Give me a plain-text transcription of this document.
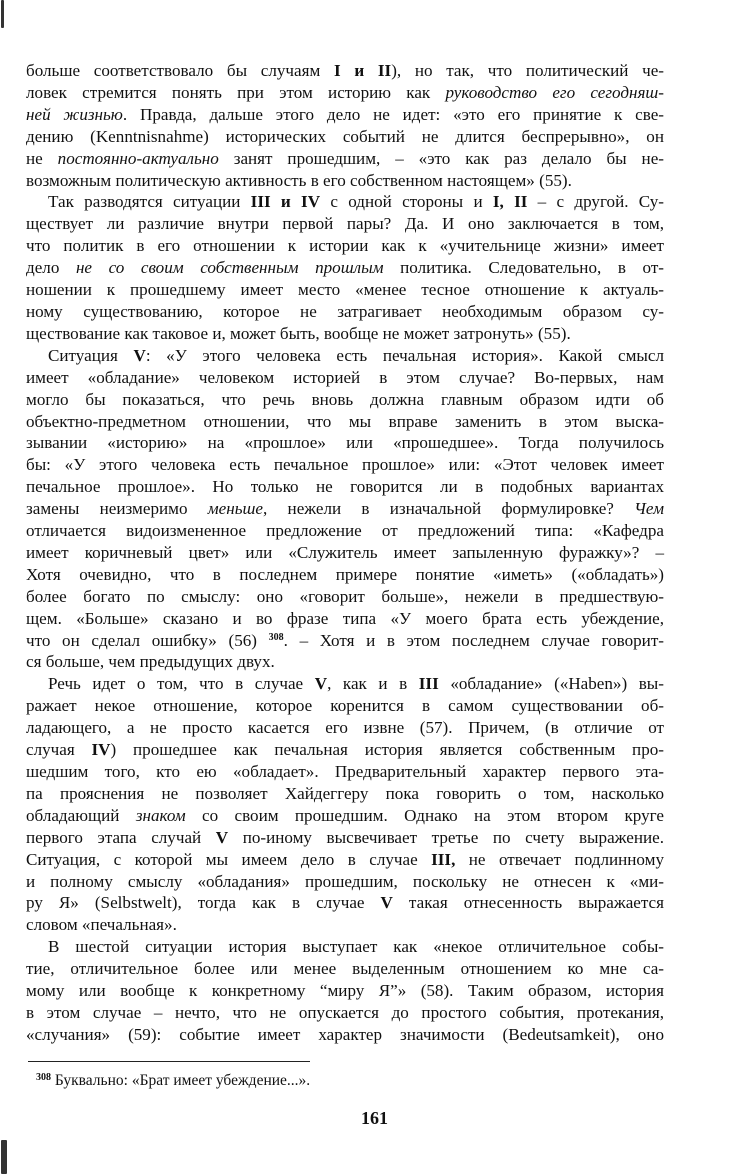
больше соответствовало бы случаям I и II), но так, что политический че-
ловек стремится понять при этом историю как руководство его сегодняш-
ней жизнью. Правда, дальше этого дело не идет: «это его принятие к све-
дению (Kenntnisnahme) исторических событий не длится беспрерывно», он
не постоянно-актуально занят прошедшим, – «это как раз делало бы не-
возможным политическую активность в его собственном настоящем» (55).
Так разводятся ситуации III и IV с одной стороны и I, II – с другой. Су-
ществует ли различие внутри первой пары? Да. И оно заключается в том,
что политик в его отношении к истории как к «учительнице жизни» имеет
дело не со своим собственным прошлым политика. Следовательно, в от-
ношении к прошедшему имеет место «менее тесное отношение к актуаль-
ному существованию, которое не затрагивает необходимым образом су-
ществование как таковое и, может быть, вообще не может затронуть» (55).
Ситуация V: «У этого человека есть печальная история». Какой смысл
имеет «обладание» человеком историей в этом случае? Во-первых, нам
могло бы показаться, что речь вновь должна главным образом идти об
объектно-предметном отношении, что мы вправе заменить в этом выска-
зывании «историю» на «прошлое» или «прошедшее». Тогда получилось
бы: «У этого человека есть печальное прошлое» или: «Этот человек имеет
печальное прошлое». Но только не говорится ли в подобных вариантах
замены неизмеримо меньше, нежели в изначальной формулировке? Чем
отличается видоизмененное предложение от предложений типа: «Кафедра
имеет коричневый цвет» или «Служитель имеет запыленную фуражку»? –
Хотя очевидно, что в последнем примере понятие «иметь» («обладать»)
более богато по смыслу: оно «говорит больше», нежели в предшествую-
щем. «Больше» сказано и во фразе типа «У моего брата есть убеждение,
что он сделал ошибку» (56) $^{308}$. – Хотя и в этом последнем случае говорит-
ся больше, чем предыдущих двух.
Речь идет о том, что в случае V, как и в III «обладание» («Haben») вы-
ражает некое отношение, которое коренится в самом существовании об-
ладающего, а не просто касается его извне (57). Причем, (в отличие от
случая IV) прошедшее как печальная история является собственным про-
шедшим того, кто ею «обладает». Предварительный характер первого эта-
па прояснения не позволяет Хайдеггеру пока говорить о том, насколько
обладающий знаком со своим прошедшим. Однако на этом втором круге
первого этапа случай V по-иному высвечивает третье по счету выражение.
Ситуация, с которой мы имеем дело в случае III, не отвечает подлинному
и полному смыслу «обладания» прошедшим, поскольку не отнесен к «ми-
ру Я» (Selbstwelt), тогда как в случае V такая отнесенность выражается
словом «печальная».
В шестой ситуации история выступает как «некое отличительное собы-
тие, отличительное более или менее выделенным отношением ко мне са-
мому или вообще к конкретному “миру Я”» (58). Таким образом, история
в этом случае – нечто, что не опускается до простого события, протекания,
«случания» (59): событие имеет характер значимости (Bedeutsamkeit), оно
$^{308}$ Буквально: «Брат имеет убеждение...».
161
